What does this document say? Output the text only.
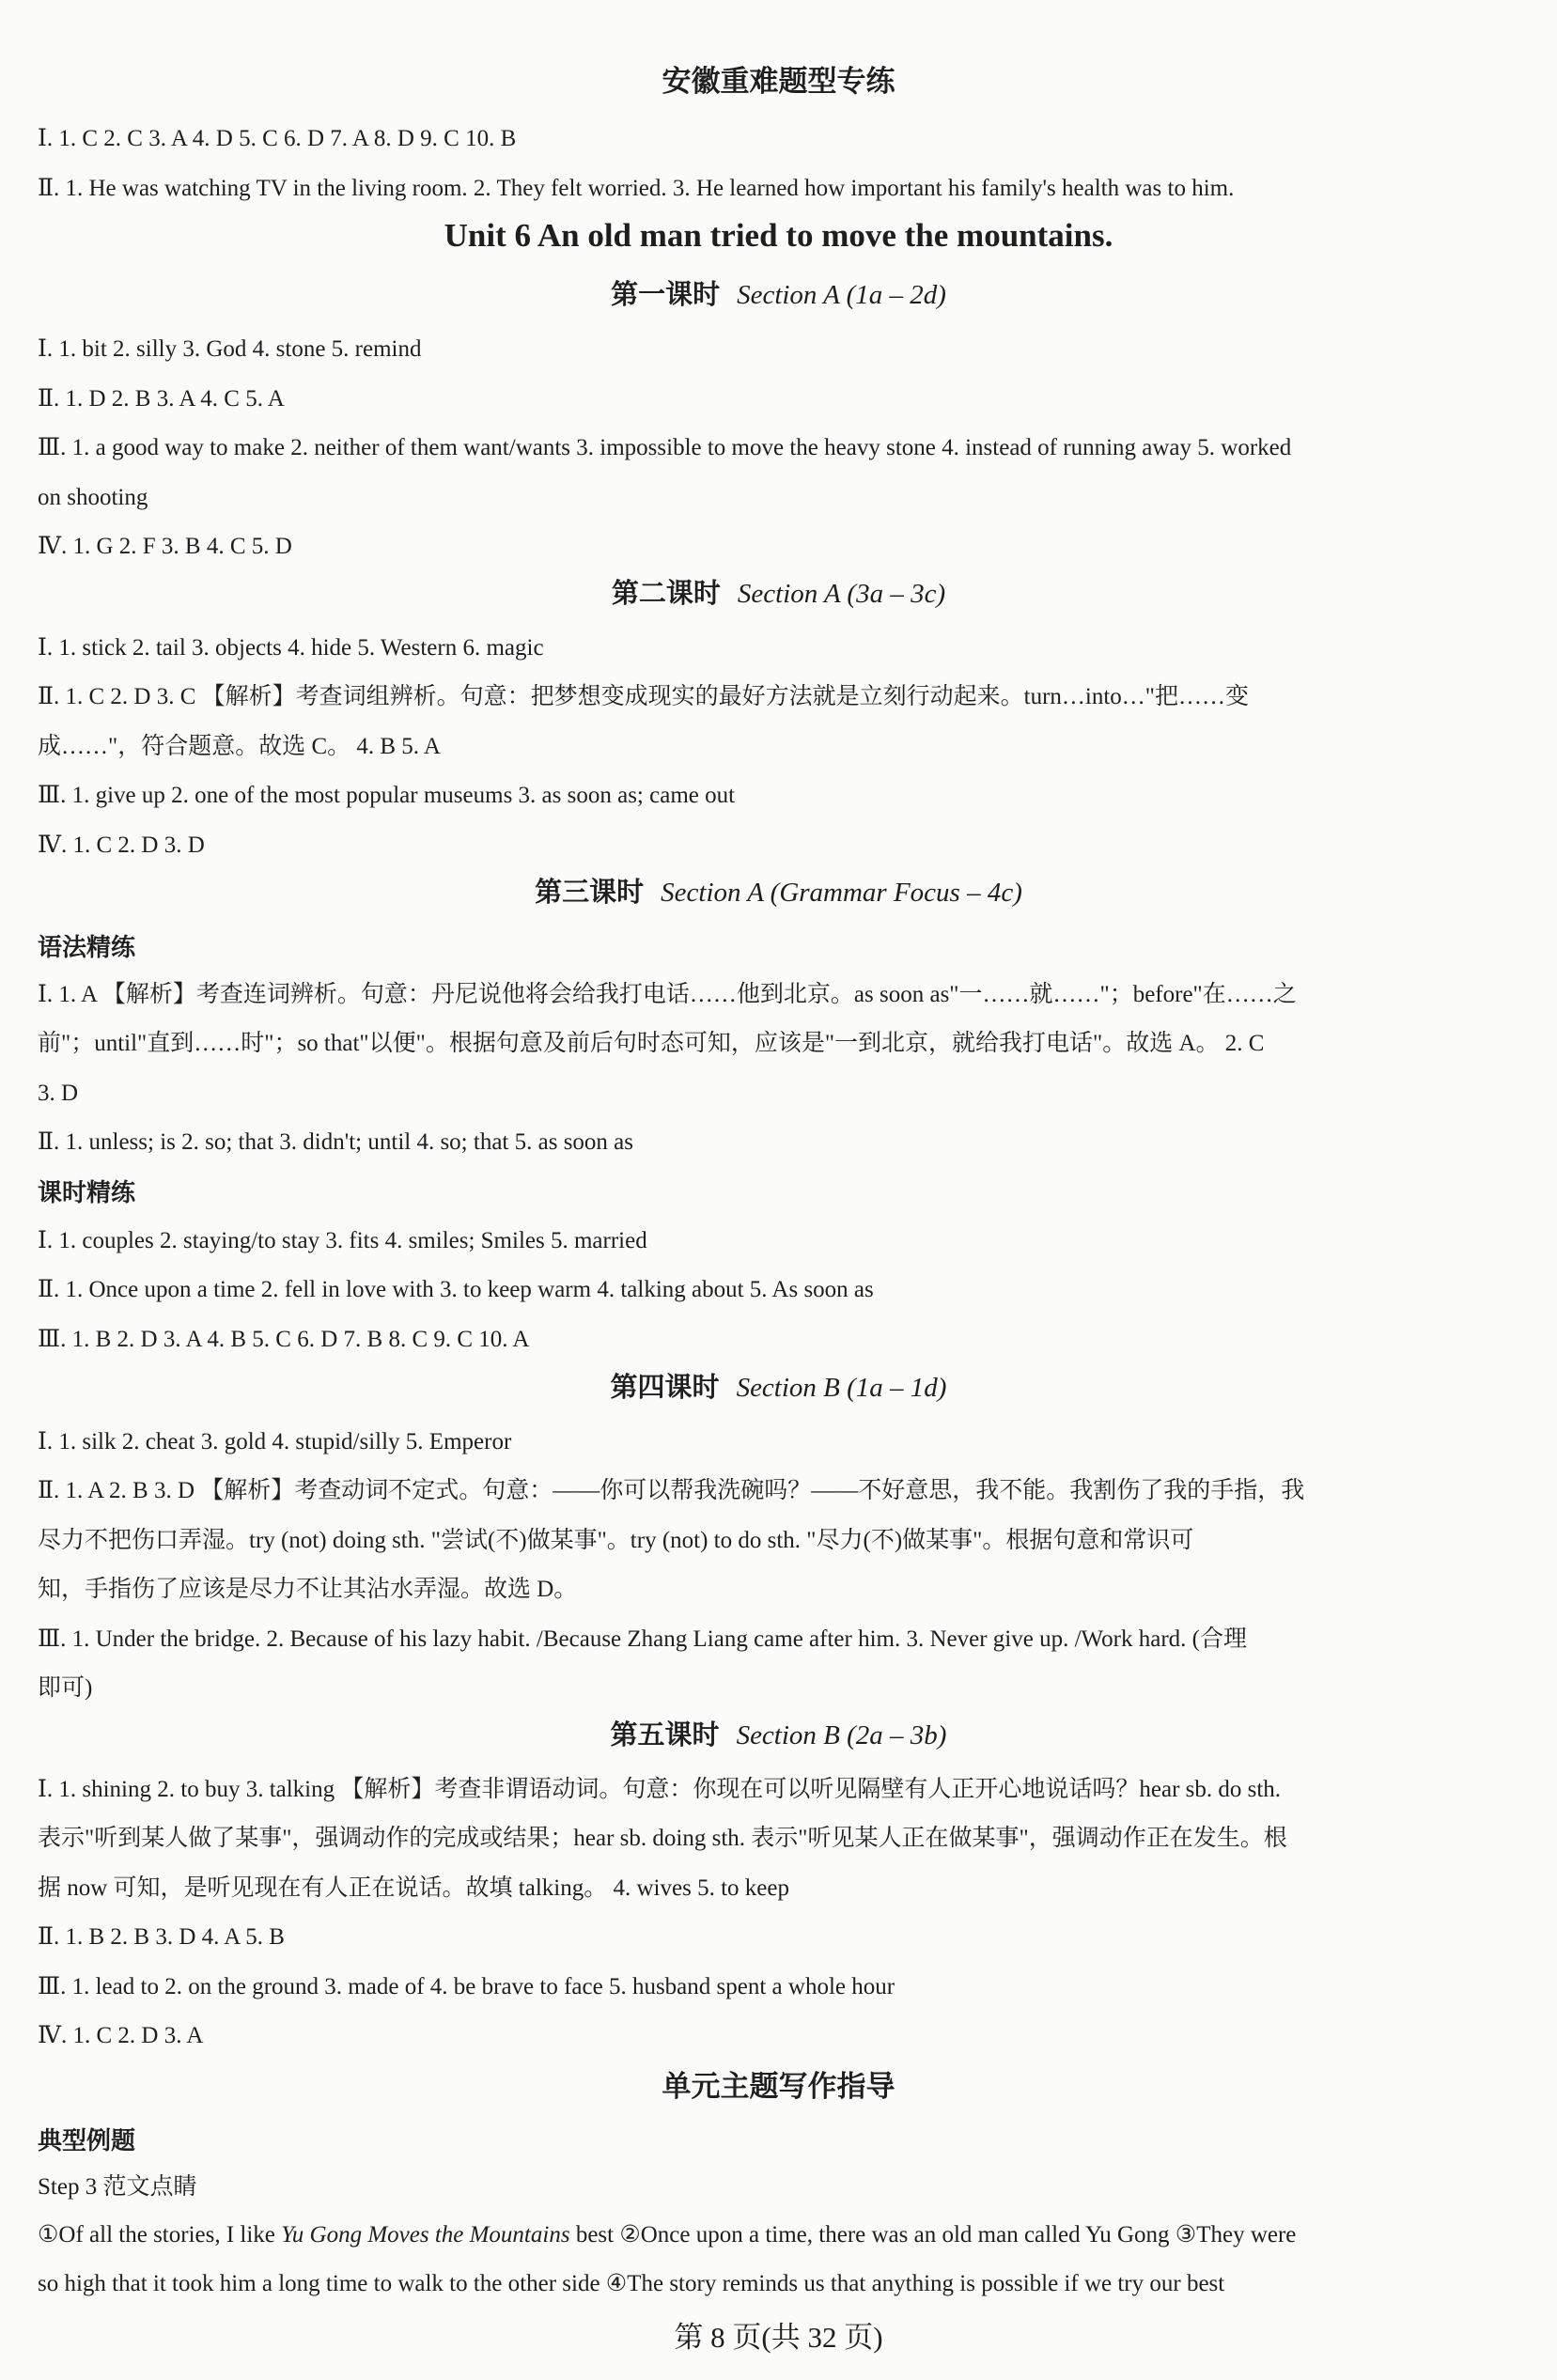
安徽重难题型专练
Ⅰ. 1. C 2. C 3. A 4. D 5. C 6. D 7. A 8. D 9. C 10. B
Ⅱ. 1. He was watching TV in the living room. 2. They felt worried. 3. He learned how important his family's health was to him.
Unit 6 An old man tried to move the mountains.
第一课时 Section A (1a – 2d)
Ⅰ. 1. bit 2. silly 3. God 4. stone 5. remind
Ⅱ. 1. D 2. B 3. A 4. C 5. A
Ⅲ. 1. a good way to make 2. neither of them want/wants 3. impossible to move the heavy stone 4. instead of running away 5. worked
on shooting
Ⅳ. 1. G 2. F 3. B 4. C 5. D
第二课时 Section A (3a – 3c)
Ⅰ. 1. stick 2. tail 3. objects 4. hide 5. Western 6. magic
Ⅱ. 1. C 2. D 3. C 【解析】考查词组辨析。句意：把梦想变成现实的最好方法就是立刻行动起来。turn…into…"把……变
成……"，符合题意。故选 C。 4. B 5. A
Ⅲ. 1. give up 2. one of the most popular museums 3. as soon as; came out
Ⅳ. 1. C 2. D 3. D
第三课时 Section A (Grammar Focus – 4c)
语法精练
Ⅰ. 1. A 【解析】考查连词辨析。句意：丹尼说他将会给我打电话……他到北京。as soon as"一……就……"；before"在……之
前"；until"直到……时"；so that"以便"。根据句意及前后句时态可知，应该是"一到北京，就给我打电话"。故选 A。 2. C
3. D
Ⅱ. 1. unless; is 2. so; that 3. didn't; until 4. so; that 5. as soon as
课时精练
Ⅰ. 1. couples 2. staying/to stay 3. fits 4. smiles; Smiles 5. married
Ⅱ. 1. Once upon a time 2. fell in love with 3. to keep warm 4. talking about 5. As soon as
Ⅲ. 1. B 2. D 3. A 4. B 5. C 6. D 7. B 8. C 9. C 10. A
第四课时 Section B (1a – 1d)
Ⅰ. 1. silk 2. cheat 3. gold 4. stupid/silly 5. Emperor
Ⅱ. 1. A 2. B 3. D 【解析】考查动词不定式。句意：——你可以帮我洗碗吗？——不好意思，我不能。我割伤了我的手指，我
尽力不把伤口弄湿。try (not) doing sth. "尝试(不)做某事"。try (not) to do sth. "尽力(不)做某事"。根据句意和常识可
知，手指伤了应该是尽力不让其沾水弄湿。故选 D。
Ⅲ. 1. Under the bridge. 2. Because of his lazy habit. /Because Zhang Liang came after him. 3. Never give up. /Work hard. (合理
即可)
第五课时 Section B (2a – 3b)
Ⅰ. 1. shining 2. to buy 3. talking 【解析】考查非谓语动词。句意：你现在可以听见隔壁有人正开心地说话吗？hear sb. do sth.
表示"听到某人做了某事"，强调动作的完成或结果；hear sb. doing sth. 表示"听见某人正在做某事"，强调动作正在发生。根
据 now 可知，是听见现在有人正在说话。故填 talking。 4. wives 5. to keep
Ⅱ. 1. B 2. B 3. D 4. A 5. B
Ⅲ. 1. lead to 2. on the ground 3. made of 4. be brave to face 5. husband spent a whole hour
Ⅳ. 1. C 2. D 3. A
单元主题写作指导
典型例题
Step 3 范文点睛
①Of all the stories, I like Yu Gong Moves the Mountains best ②Once upon a time, there was an old man called Yu Gong ③They were
so high that it took him a long time to walk to the other side ④The story reminds us that anything is possible if we try our best
第 8 页(共 32 页)
